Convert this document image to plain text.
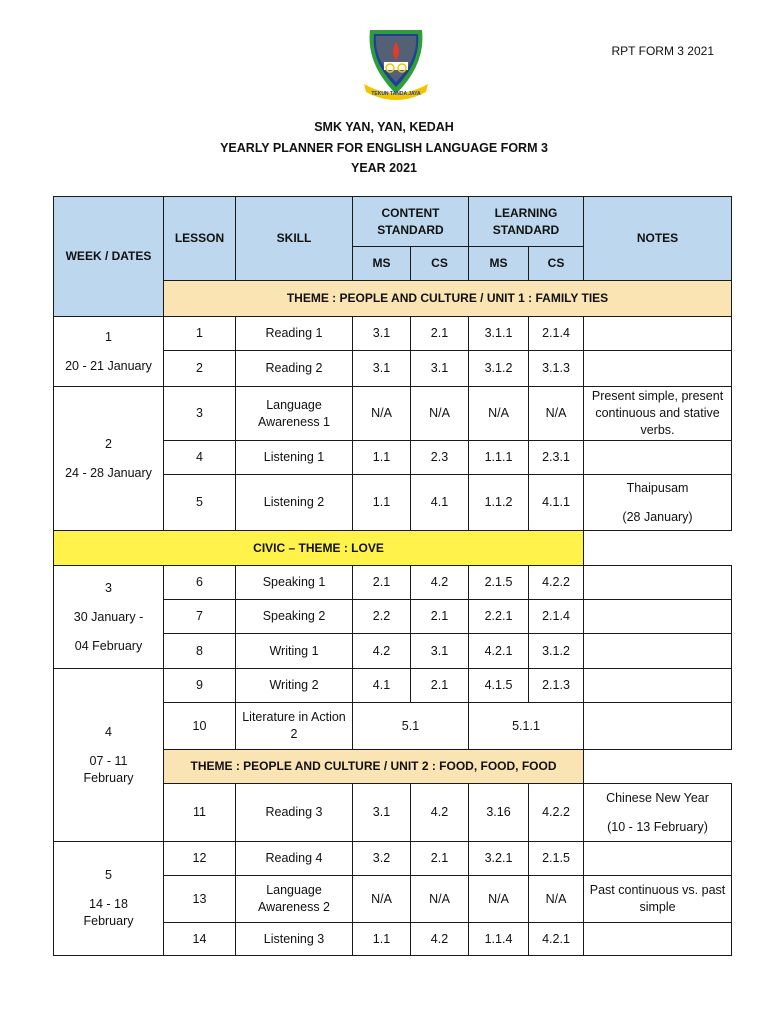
RPT FORM 3 2021
TEKUN TANDA JAYA
SMK YAN, YAN, KEDAH
YEARLY PLANNER FOR ENGLISH LANGUAGE FORM 3
YEAR 2021
WEEK / DATES	LESSON	SKILL	CONTENT STANDARD		LEARNING STANDARD		NOTES
			MS	CS	MS	CS	
	THEME : PEOPLE AND CULTURE / UNIT 1 : FAMILY TIES						

1
20 - 21 January	1	Reading 1	3.1	2.1	3.1.1	2.1.4	
	2	Reading 2	3.1	3.1	3.1.2	3.1.3	

2
24 - 28 January	3	Language Awareness 1	N/A	N/A	N/A	N/A	Present simple, present continuous and stative verbs.
	4	Listening 1	1.1	2.3	1.1.1	2.3.1	
	5	Listening 2	1.1	4.1	1.1.2	4.1.1	Thaipusam
(28 January)

CIVIC – THEME : LOVE							

3
30 January -
04 February	6	Speaking 1	2.1	4.2	2.1.5	4.2.2	
	7	Speaking 2	2.2	2.1	2.2.1	2.1.4	
	8	Writing 1	4.2	3.1	4.2.1	3.1.2	

4
07 - 11
February	9	Writing 2	4.1	2.1	4.1.5	2.1.3	
	10	Literature in Action 2	5.1		5.1.1		
	THEME : PEOPLE AND CULTURE / UNIT 2 : FOOD, FOOD, FOOD						
	11	Reading 3	3.1	4.2	3.16	4.2.2	Chinese New Year
(10 - 13 February)

5
14 - 18
February	12	Reading 4	3.2	2.1	3.2.1	2.1.5	
	13	Language Awareness 2	N/A	N/A	N/A	N/A	Past continuous vs. past simple
	14	Listening 3	1.1	4.2	1.1.4	4.2.1	
